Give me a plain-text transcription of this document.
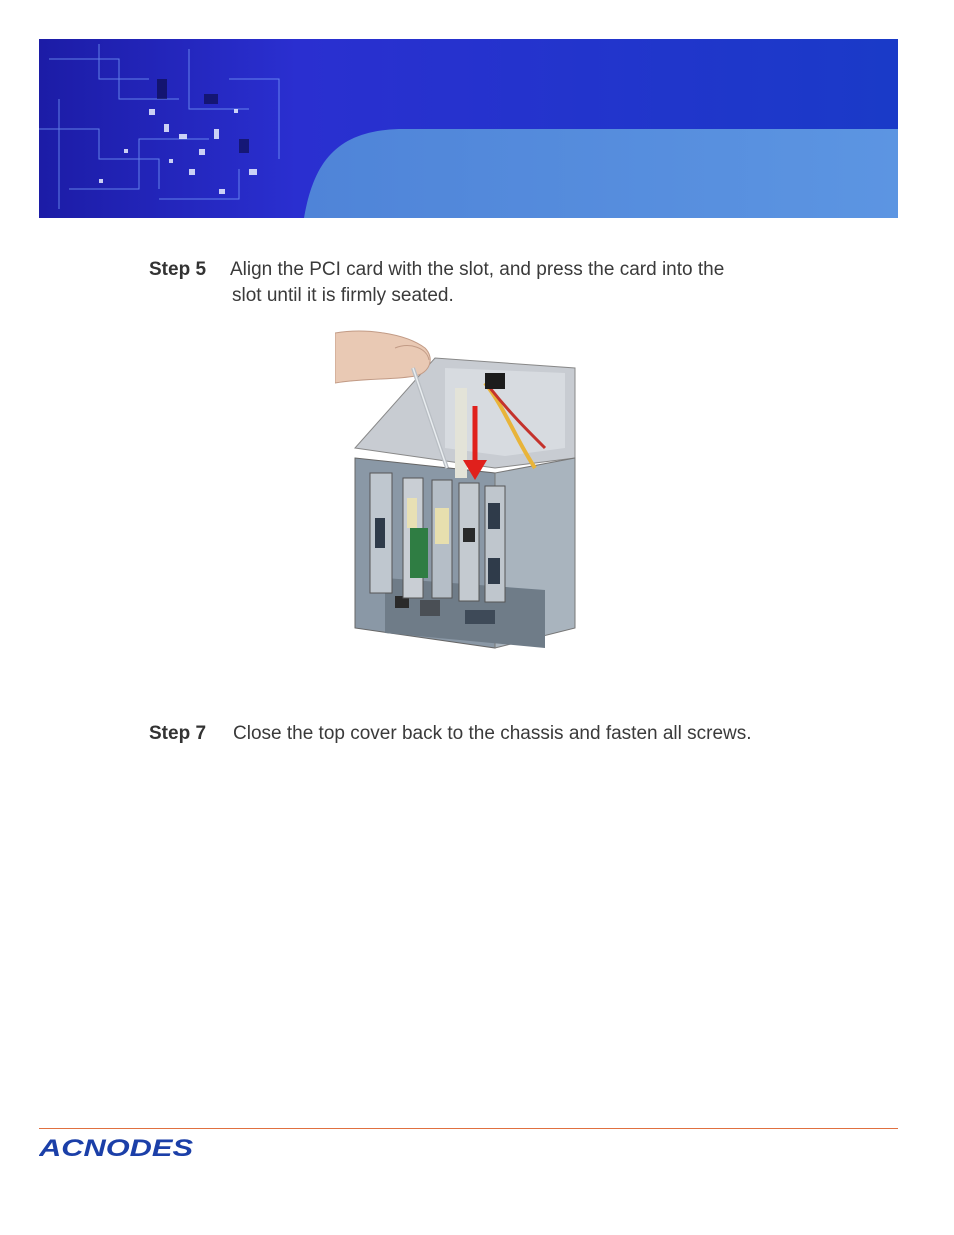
Step 5 Align the PCI card with the slot, and press the card into the
slot until it is firmly seated.
Step 7 Close the top cover back to the chassis and fasten all screws.
ACNODES
